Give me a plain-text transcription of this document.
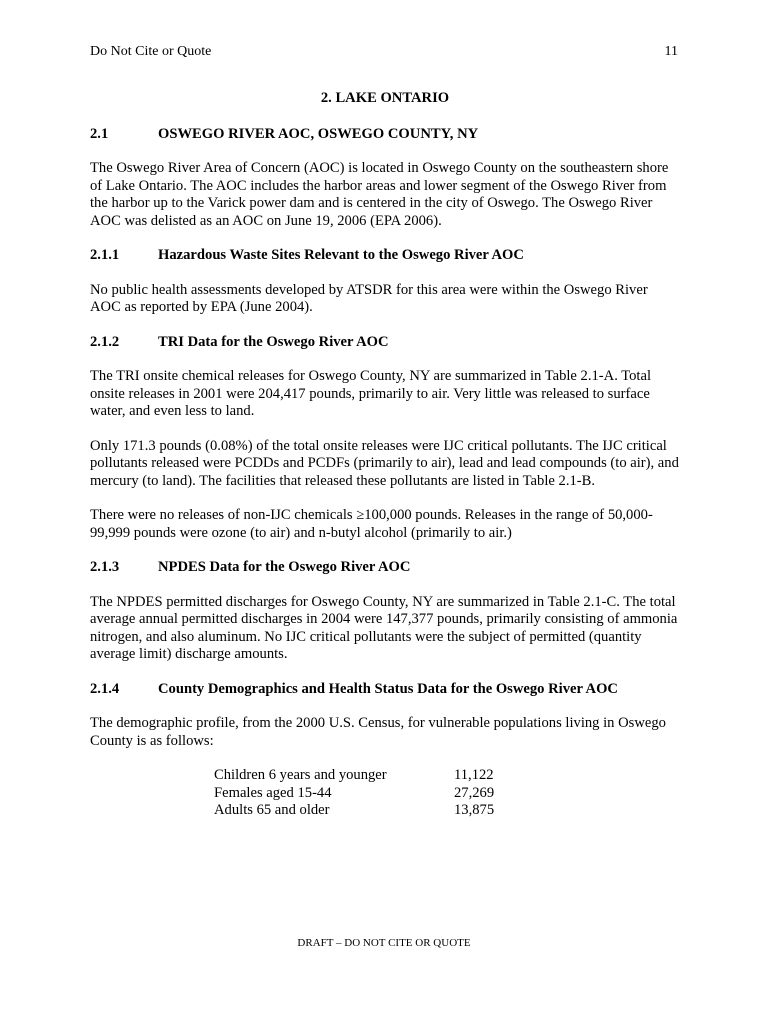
Do Not Cite or Quote	11
2. LAKE ONTARIO
2.1	OSWEGO RIVER AOC, OSWEGO COUNTY, NY

The Oswego River Area of Concern (AOC) is located in Oswego County on the southeastern shore of Lake Ontario. The AOC includes the harbor areas and lower segment of the Oswego River from the harbor up to the Varick power dam and is centered in the city of Oswego. The Oswego River AOC was delisted as an AOC on June 19, 2006 (EPA 2006).

2.1.1	Hazardous Waste Sites Relevant to the Oswego River AOC

No public health assessments developed by ATSDR for this area were within the Oswego River AOC as reported by EPA (June 2004).

2.1.2	TRI Data for the Oswego River AOC

The TRI onsite chemical releases for Oswego County, NY are summarized in Table 2.1-A. Total onsite releases in 2001 were 204,417 pounds, primarily to air. Very little was released to surface water, and even less to land.

Only 171.3 pounds (0.08%) of the total onsite releases were IJC critical pollutants. The IJC critical pollutants released were PCDDs and PCDFs (primarily to air), lead and lead compounds (to air), and mercury (to land). The facilities that released these pollutants are listed in Table 2.1-B.

There were no releases of non-IJC chemicals ≥100,000 pounds. Releases in the range of 50,000-99,999 pounds were ozone (to air) and n-butyl alcohol (primarily to air.)

2.1.3	NPDES Data for the Oswego River AOC

The NPDES permitted discharges for Oswego County, NY are summarized in Table 2.1-C. The total average annual permitted discharges in 2004 were 147,377 pounds, primarily consisting of ammonia nitrogen, and also aluminum. No IJC critical pollutants were the subject of permitted (quantity average limit) discharge amounts.

2.1.4	County Demographics and Health Status Data for the Oswego River AOC

The demographic profile, from the 2000 U.S. Census, for vulnerable populations living in Oswego County is as follows:

Children 6 years and younger	11,122
Females aged 15-44	27,269
Adults 65 and older	13,875
DRAFT – DO NOT CITE OR QUOTE
